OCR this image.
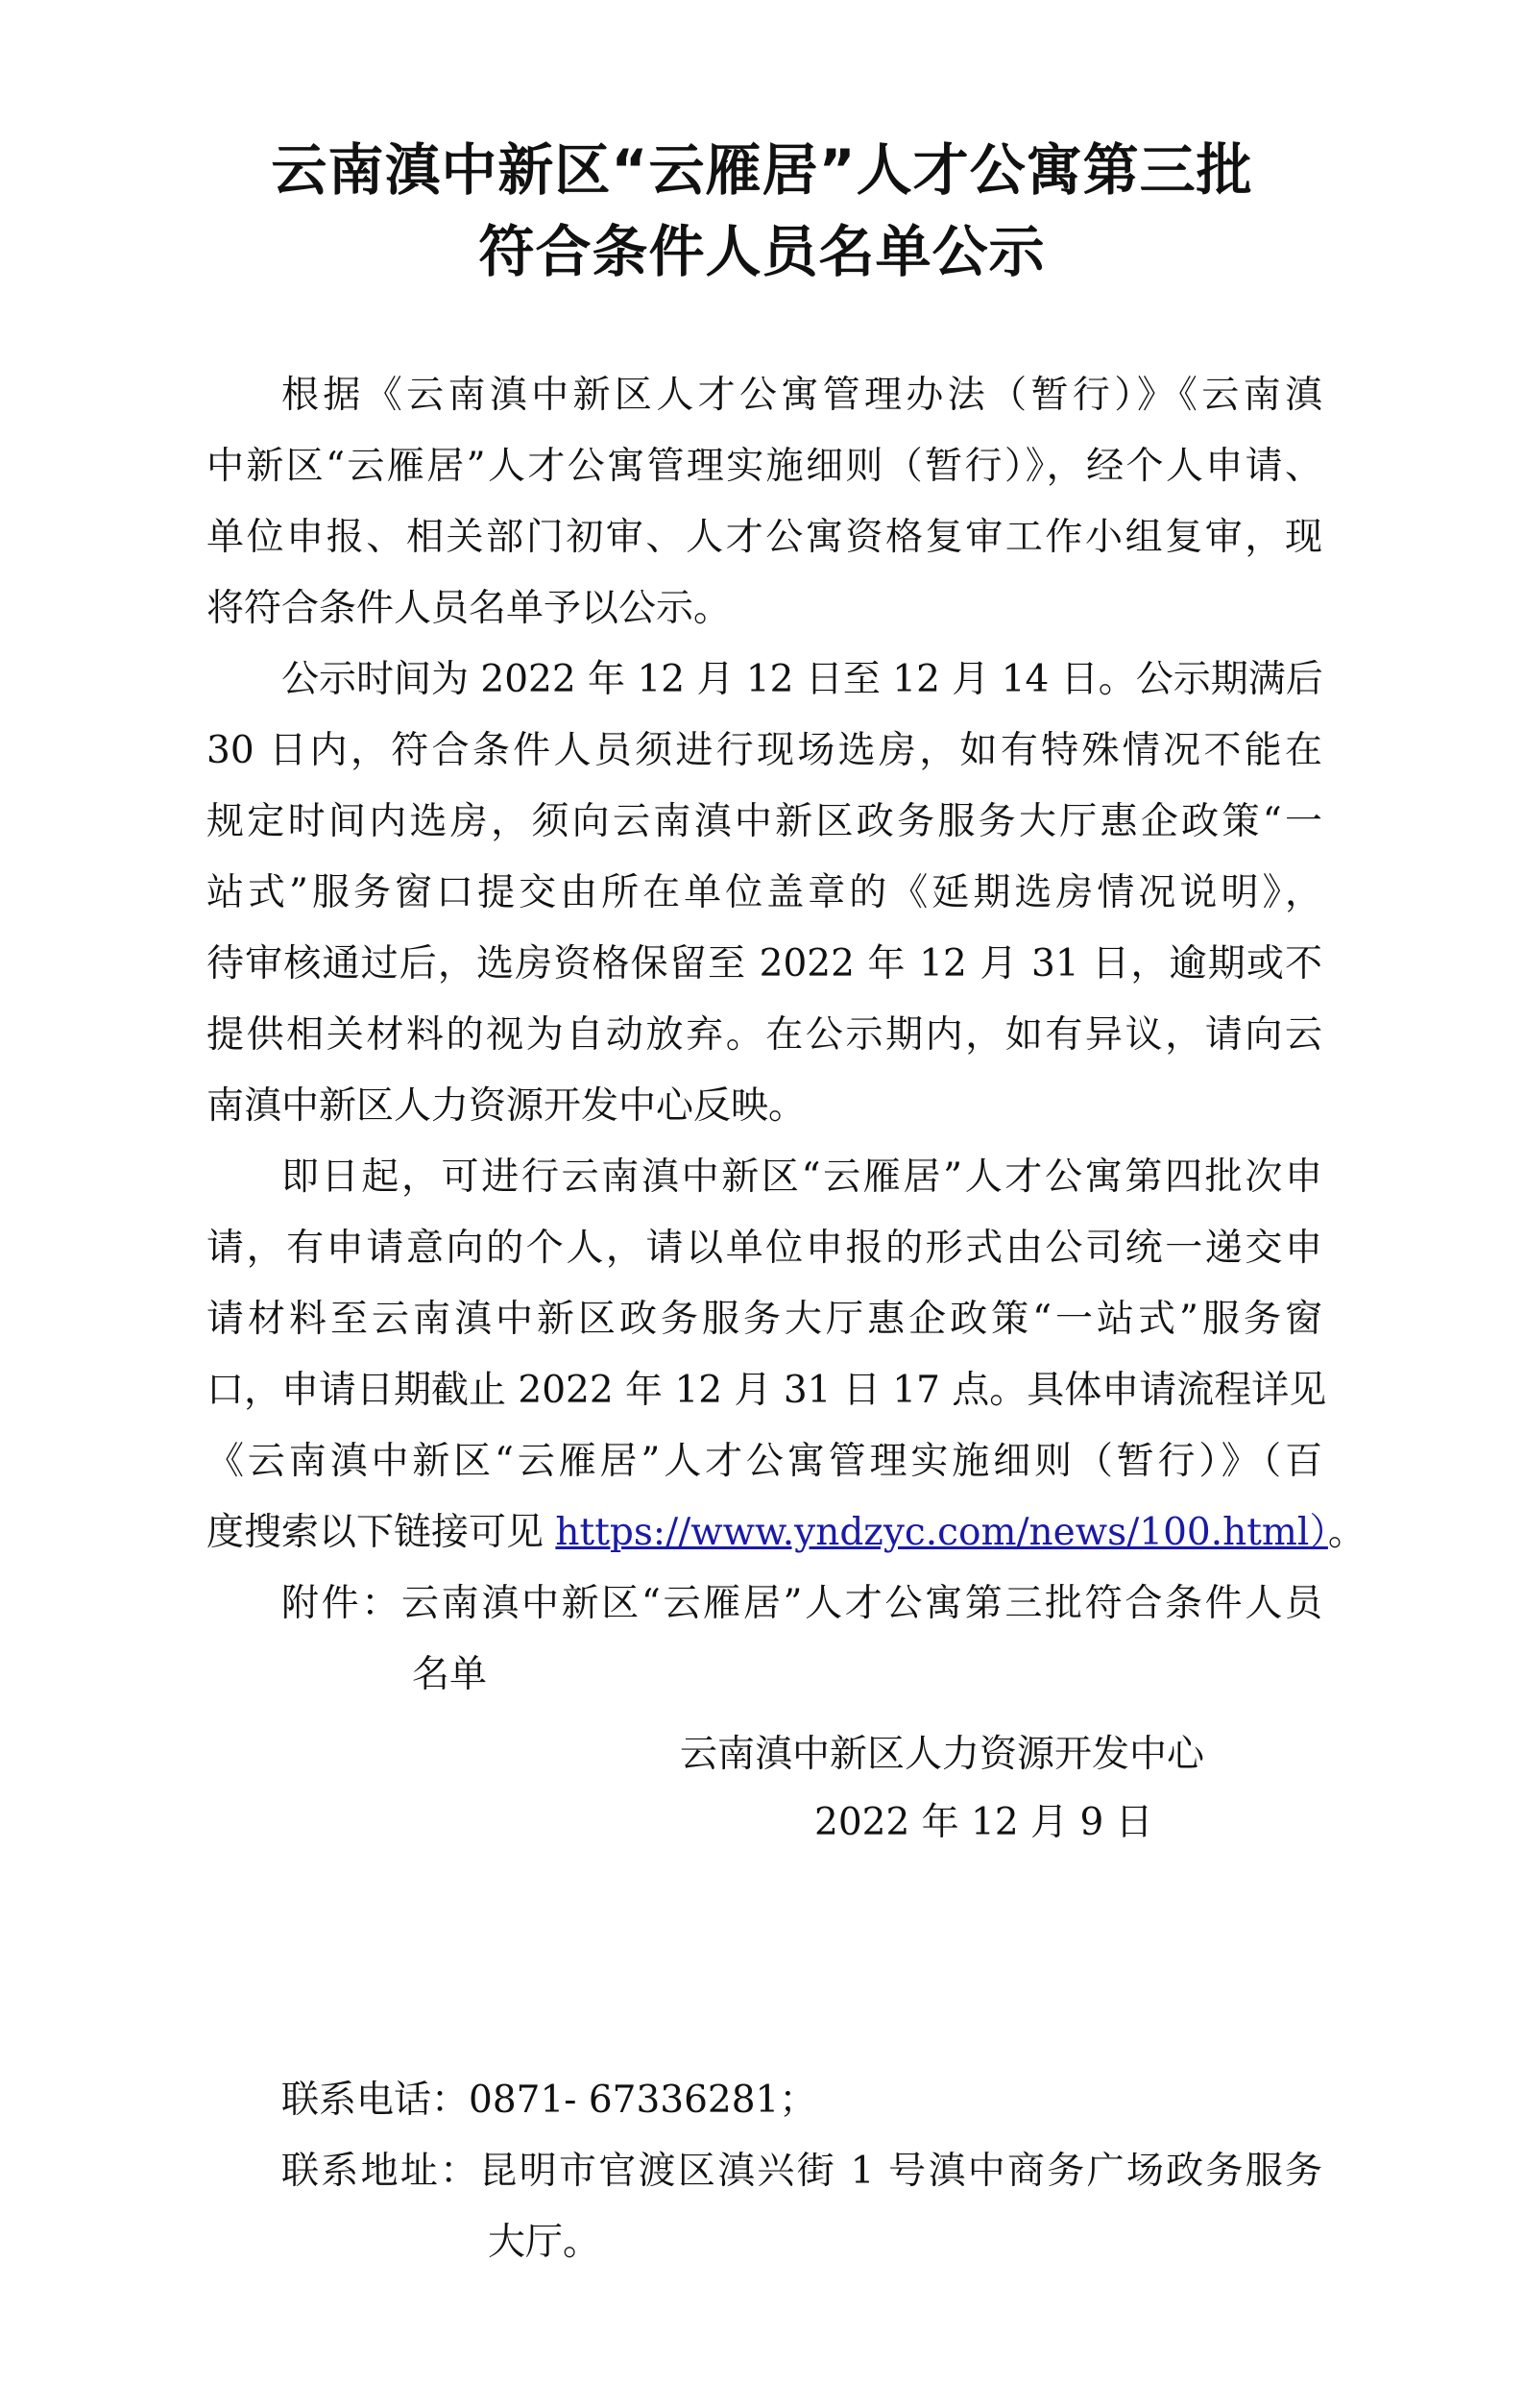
云南滇中新区“云雁居”人才公寓第三批
符合条件人员名单公示
根据《云南滇中新区人才公寓管理办法（暂行）》《云南滇
中新区“云雁居”人才公寓管理实施细则（暂行）》，经个人申请、
单位申报、相关部门初审、人才公寓资格复审工作小组复审，现
将符合条件人员名单予以公示。
公示时间为 2022 年 12 月 12 日至 12 月 14 日。公示期满后
30 日内，符合条件人员须进行现场选房，如有特殊情况不能在
规定时间内选房，须向云南滇中新区政务服务大厅惠企政策“一
站式”服务窗口提交由所在单位盖章的《延期选房情况说明》，
待审核通过后，选房资格保留至 2022 年 12 月 31 日，逾期或不
提供相关材料的视为自动放弃。在公示期内，如有异议，请向云
南滇中新区人力资源开发中心反映。
即日起，可进行云南滇中新区“云雁居”人才公寓第四批次申
请，有申请意向的个人，请以单位申报的形式由公司统一递交申
请材料至云南滇中新区政务服务大厅惠企政策“一站式”服务窗
口，申请日期截止 2022 年 12 月 31 日 17 点。具体申请流程详见
《云南滇中新区“云雁居”人才公寓管理实施细则（暂行）》（百
度搜索以下链接可见 https://www.yndzyc.com/news/100.html）。
附件：云南滇中新区“云雁居”人才公寓第三批符合条件人员
名单
云南滇中新区人力资源开发中心
2022 年 12 月 9 日
联系电话：0871- 67336281；
联系地址：昆明市官渡区滇兴街 1 号滇中商务广场政务服务
大厅。
